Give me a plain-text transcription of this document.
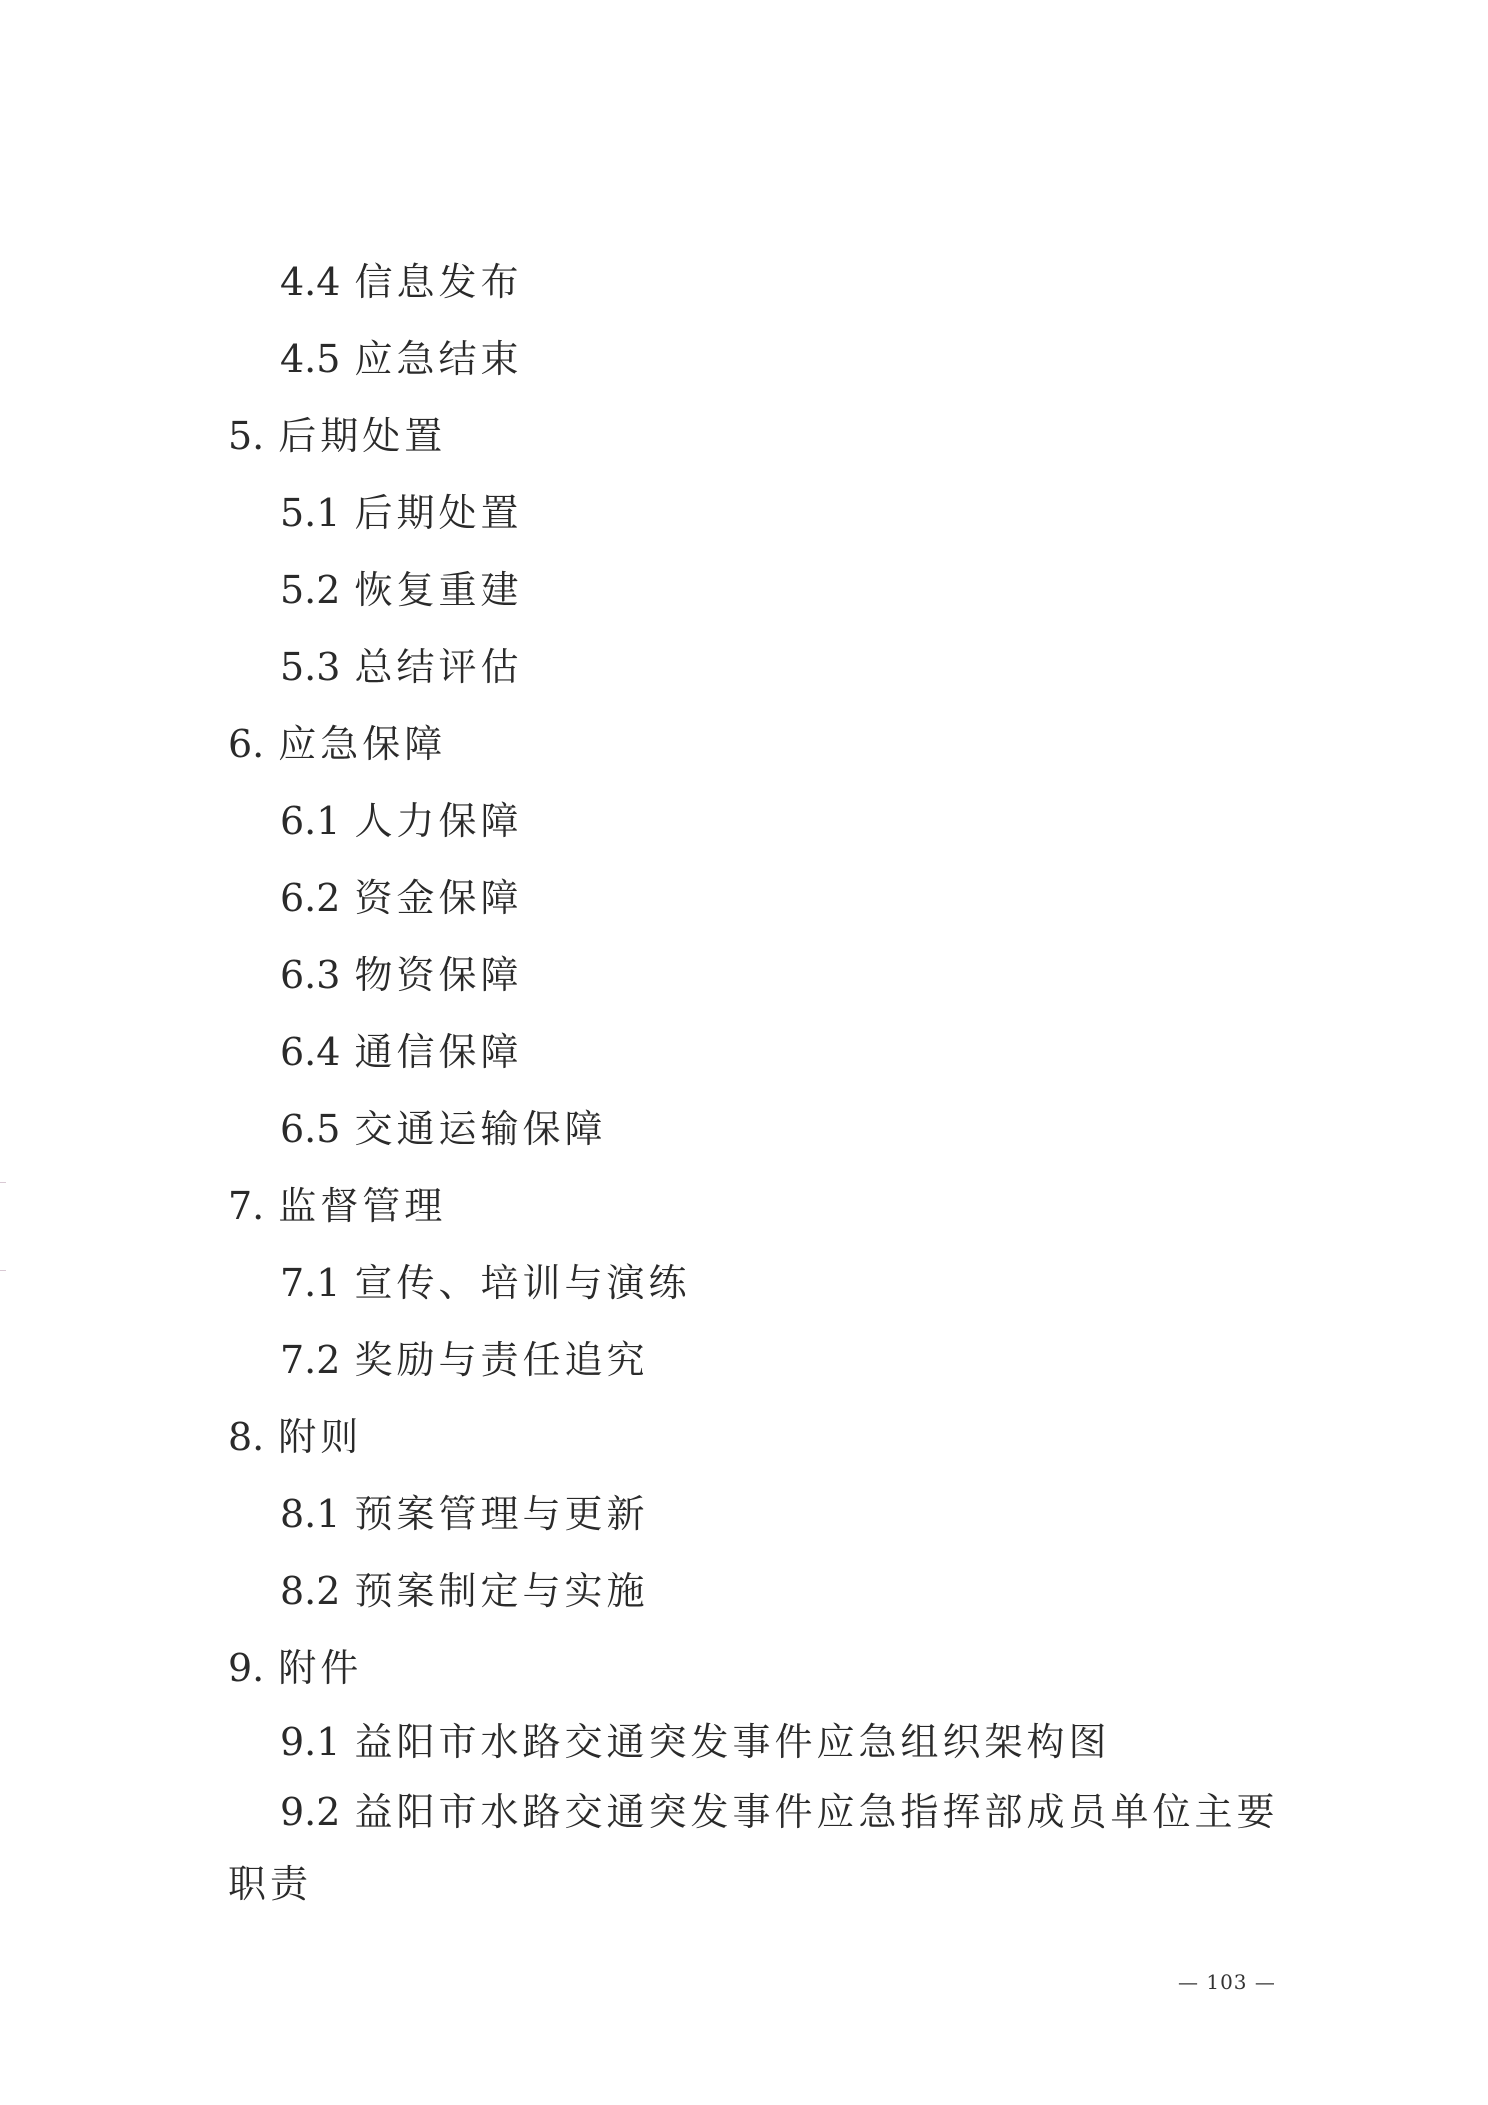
4.4 信息发布
4.5 应急结束
5. 后期处置
5.1 后期处置
5.2 恢复重建
5.3 总结评估
6. 应急保障
6.1 人力保障
6.2 资金保障
6.3 物资保障
6.4 通信保障
6.5 交通运输保障
7. 监督管理
7.1 宣传、培训与演练
7.2 奖励与责任追究
8. 附则
8.1 预案管理与更新
8.2 预案制定与实施
9. 附件
9.1 益阳市水路交通突发事件应急组织架构图
9.2 益阳市水路交通突发事件应急指挥部成员单位主要
职责
— 103 —
